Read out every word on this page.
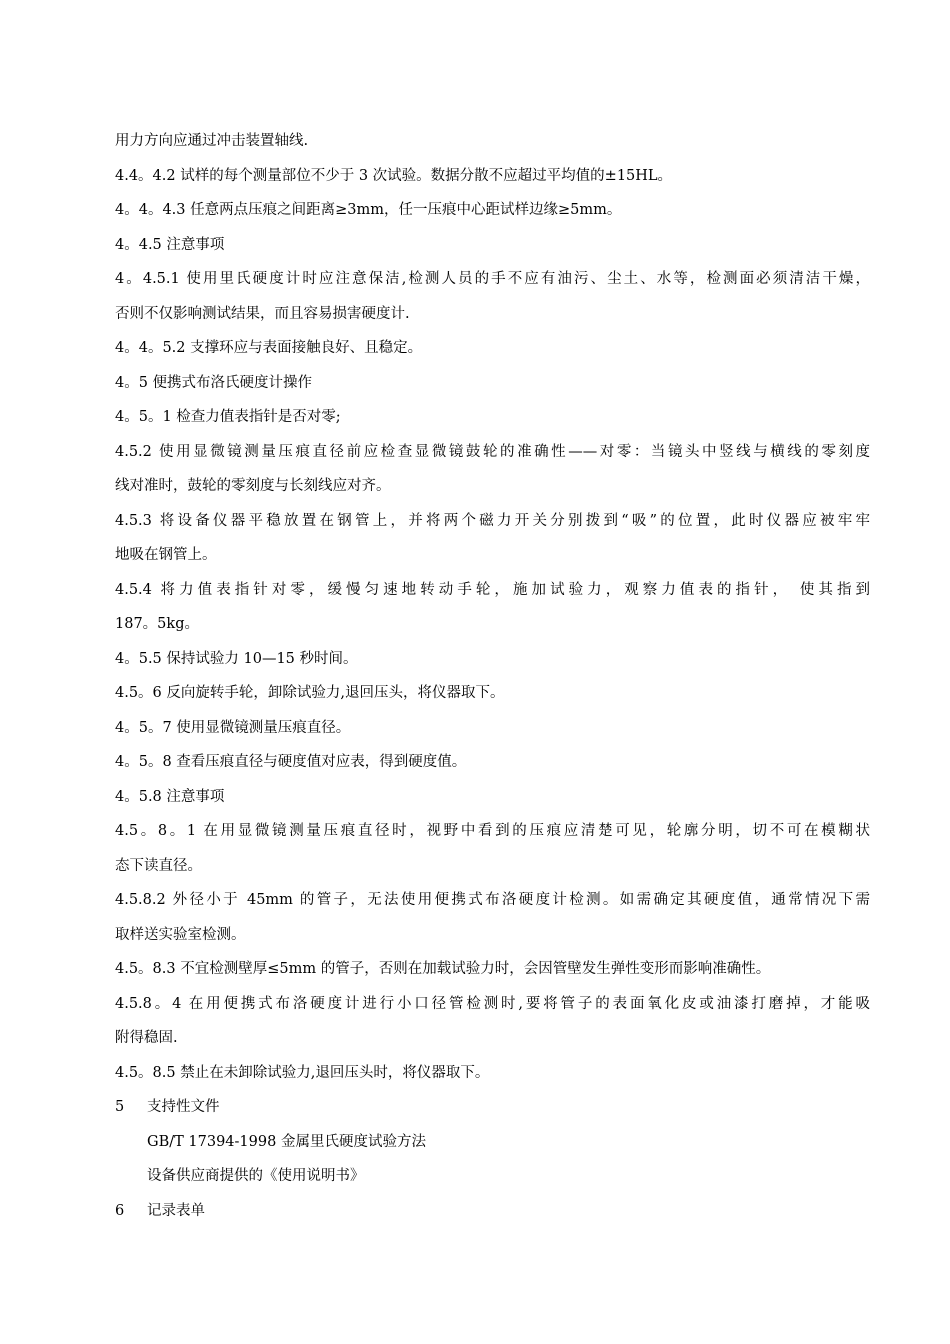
用力方向应通过冲击装置轴线.
4.4。4.2 试样的每个测量部位不少于 3 次试验。数据分散不应超过平均值的±15HL。
4。4。4.3 任意两点压痕之间距离≥3mm，任一压痕中心距试样边缘≥5mm。
4。4.5 注意事项
4。4.5.1 使用里氏硬度计时应注意保洁,检测人员的手不应有油污、尘土、水等，检测面必须清洁干燥，
否则不仅影响测试结果，而且容易损害硬度计.
4。4。5.2 支撑环应与表面接触良好、且稳定。
4。5 便携式布洛氏硬度计操作
4。5。1 检查力值表指针是否对零;
4.5.2 使用显微镜测量压痕直径前应检查显微镜鼓轮的准确性——对零：当镜头中竖线与横线的零刻度
线对准时，鼓轮的零刻度与长刻线应对齐。
4.5.3 将设备仪器平稳放置在钢管上，并将两个磁力开关分别拨到“吸”的位置，此时仪器应被牢牢
地吸在钢管上。
4.5.4 将力值表指针对零，缓慢匀速地转动手轮，施加试验力，观察力值表的指针， 使其指到
187。5kg。
4。5.5 保持试验力 10—15 秒时间。
4.5。6 反向旋转手轮，卸除试验力,退回压头，将仪器取下。
4。5。7 使用显微镜测量压痕直径。
4。5。8 查看压痕直径与硬度值对应表，得到硬度值。
4。5.8 注意事项
4.5。8。1 在用显微镜测量压痕直径时，视野中看到的压痕应清楚可见，轮廓分明，切不可在模糊状
态下读直径。
4.5.8.2 外径小于 45mm 的管子，无法使用便携式布洛硬度计检测。如需确定其硬度值，通常情况下需
取样送实验室检测。
4.5。8.3 不宜检测壁厚≤5mm 的管子，否则在加载试验力时，会因管壁发生弹性变形而影响准确性。
4.5.8。4 在用便携式布洛硬度计进行小口径管检测时,要将管子的表面氧化皮或油漆打磨掉，才能吸
附得稳固.
4.5。8.5 禁止在未卸除试验力,退回压头时，将仪器取下。
5 支持性文件
GB/T 17394-1998 金属里氏硬度试验方法
设备供应商提供的《使用说明书》
6 记录表单
